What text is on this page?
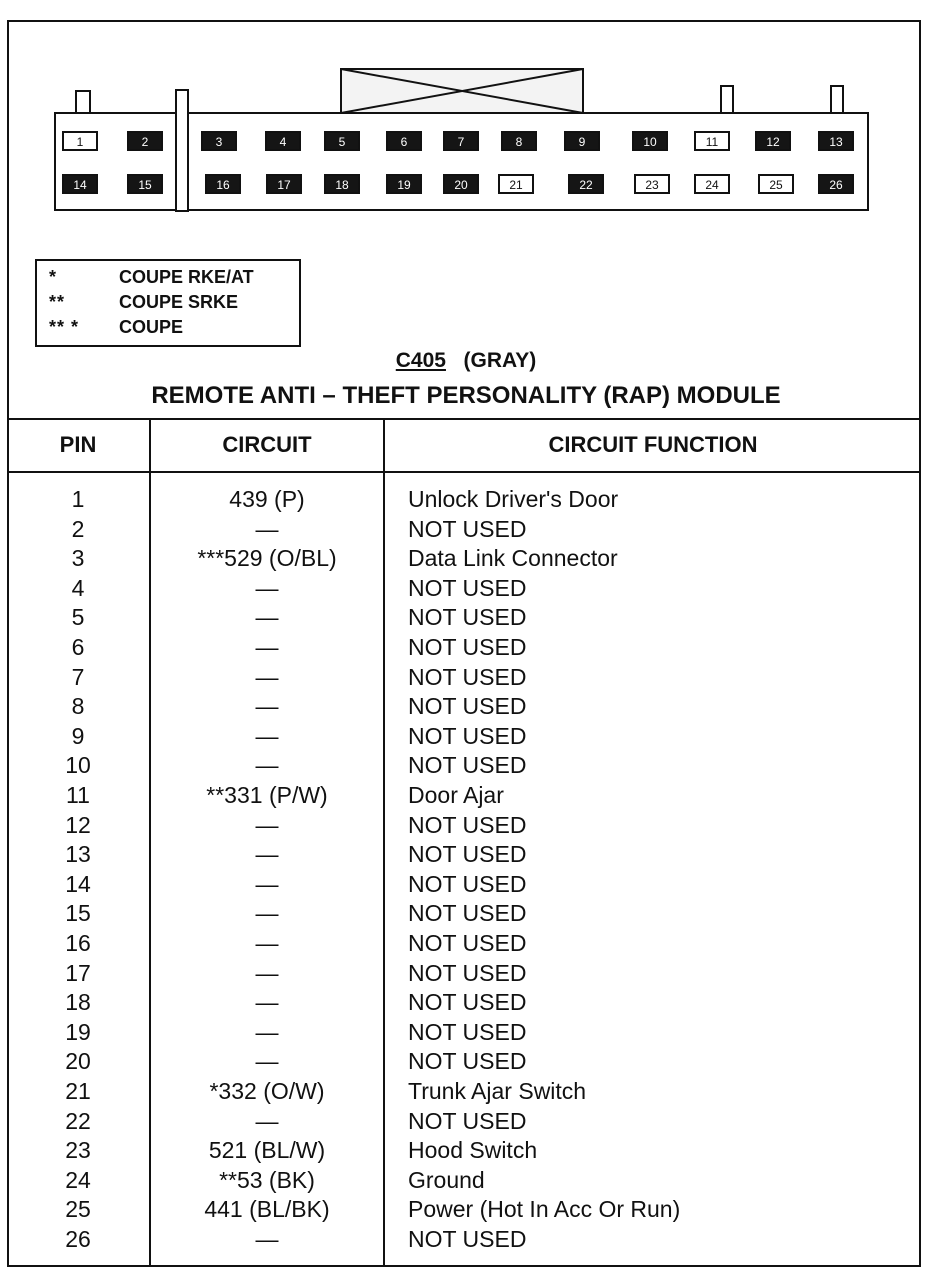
1	2	3	4	5	6	7	8	9	10	11	12	13
14	15	16	17	18	19	20	21	22	23	24	25	26
*	COUPE RKE/AT
**	COUPE SRKE
** *	COUPE
C405 (GRAY)
REMOTE ANTI – THEFT PERSONALITY (RAP) MODULE
PIN	CIRCUIT	CIRCUIT FUNCTION
1	439 (P)	Unlock Driver's Door
2	—	NOT USED
3	***529 (O/BL)	Data Link Connector
4	—	NOT USED
5	—	NOT USED
6	—	NOT USED
7	—	NOT USED
8	—	NOT USED
9	—	NOT USED
10	—	NOT USED
11	**331 (P/W)	Door Ajar
12	—	NOT USED
13	—	NOT USED
14	—	NOT USED
15	—	NOT USED
16	—	NOT USED
17	—	NOT USED
18	—	NOT USED
19	—	NOT USED
20	—	NOT USED
21	*332 (O/W)	Trunk Ajar Switch
22	—	NOT USED
23	521 (BL/W)	Hood Switch
24	**53 (BK)	Ground
25	441 (BL/BK)	Power (Hot In Acc Or Run)
26	—	NOT USED
